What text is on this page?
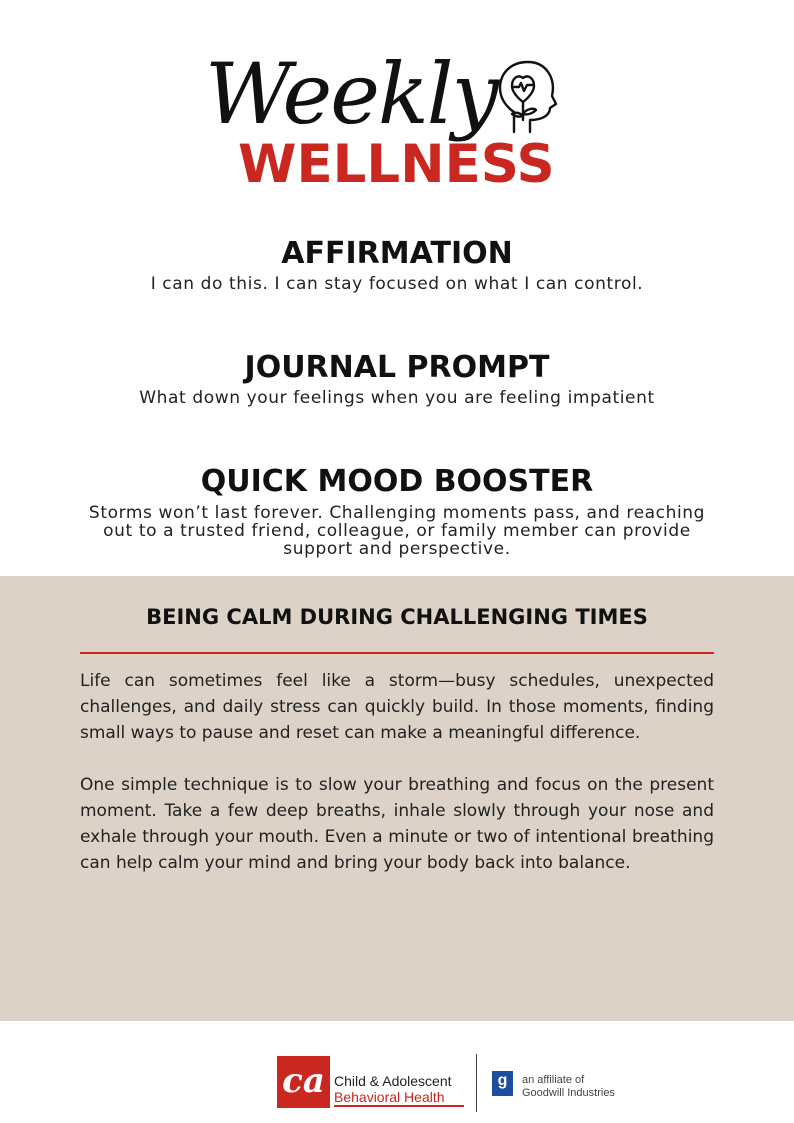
Weekly
WELLNESS
AFFIRMATION

I can do this. I can stay focused on what I can control.

JOURNAL PROMPT

What down your feelings when you are feeling impatient

QUICK MOOD BOOSTER

Storms won’t last forever. Challenging moments pass, and reaching out to a trusted friend, colleague, or family member can provide support and perspective.

BEING CALM DURING CHALLENGING TIMES

Life can sometimes feel like a storm—busy schedules, unexpected challenges, and daily stress can quickly build. In those moments, finding small ways to pause and reset can make a meaningful difference.

One simple technique is to slow your breathing and focus on the present moment. Take a few deep breaths, inhale slowly through your nose and exhale through your mouth. Even a minute or two of intentional breathing can help calm your mind and bring your body back into balance.

ca Child & Adolescent
Behavioral Health
g	an affiliate of
Goodwill Industries
